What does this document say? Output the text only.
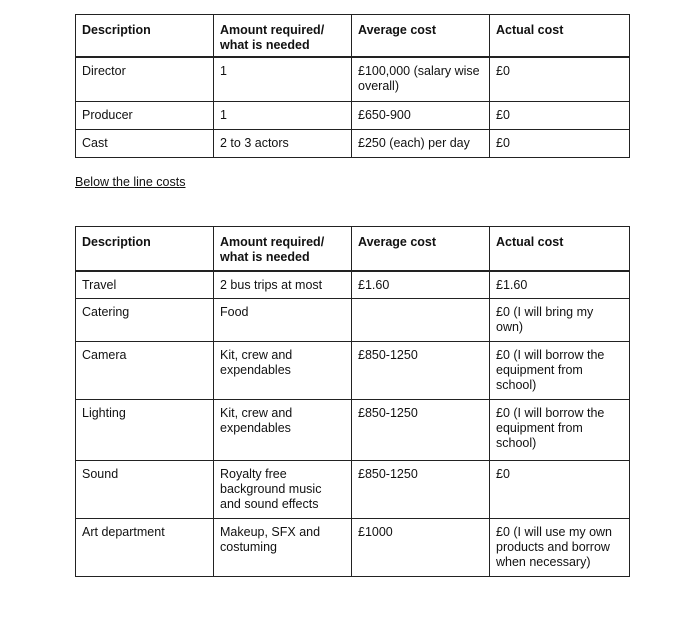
Description	Amount required/ what is needed	Average cost	Actual cost
Director	1	£100,000 (salary wise overall)	£0
Producer	1	£650-900	£0
Cast	2 to 3 actors	£250 (each) per day	£0
Below the line costs
Description	Amount required/ what is needed	Average cost	Actual cost
Travel	2 bus trips at most	£1.60	£1.60
Catering	Food		£0 (I will bring my own)
Camera	Kit, crew and expendables	£850-1250	£0 (I will borrow the equipment from school)
Lighting	Kit, crew and expendables	£850-1250	£0 (I will borrow the equipment from school)
Sound	Royalty free background music and sound effects	£850-1250	£0
Art department	Makeup, SFX and costuming	£1000	£0 (I will use my own products and borrow when necessary)
